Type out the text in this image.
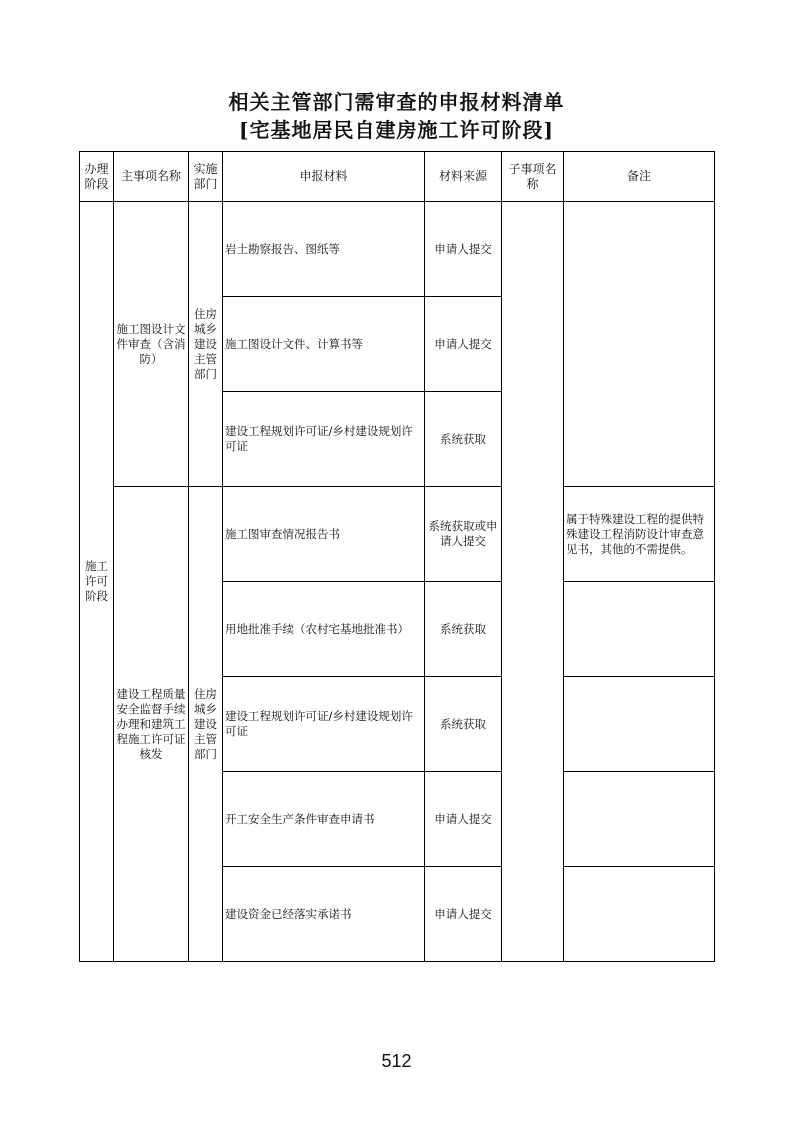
相关主管部门需审查的申报材料清单
[宅基地居民自建房施工许可阶段]
办理阶段	主事项名称	实施部门	申报材料	材料来源	子事项名称	备注
施工许可阶段	施工图设计文件审查（含消防）	住房城乡建设主管部门	岩土勘察报告、图纸等	申请人提交		
			施工图设计文件、计算书等	申请人提交		
			建设工程规划许可证/乡村建设规划许可证	系统获取		
	建设工程质量安全监督手续办理和建筑工程施工许可证核发	住房城乡建设主管部门	施工图审查情况报告书	系统获取或申请人提交		属于特殊建设工程的提供特殊建设工程消防设计审查意见书，其他的不需提供。
			用地批准手续（农村宅基地批准书）	系统获取		
			建设工程规划许可证/乡村建设规划许可证	系统获取		
			开工安全生产条件审查申请书	申请人提交		
			建设资金已经落实承诺书	申请人提交		
512
